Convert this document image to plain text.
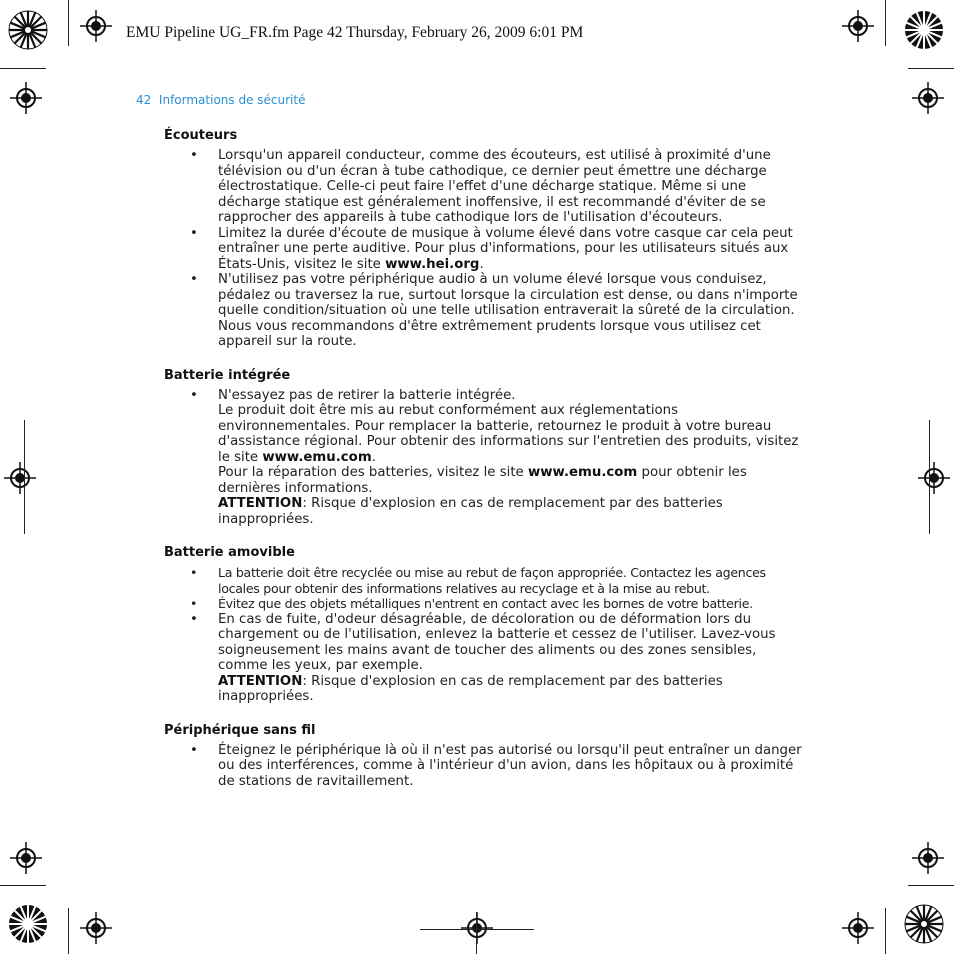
EMU Pipeline UG_FR.fm Page 42 Thursday, February 26, 2009 6:01 PM
42 Informations de sécurité
Écouteurs
• Lorsqu'un appareil conducteur, comme des écouteurs, est utilisé à proximité d'une télévision ou d'un écran à tube cathodique, ce dernier peut émettre une décharge électrostatique. Celle-ci peut faire l'effet d'une décharge statique. Même si une décharge statique est généralement inoffensive, il est recommandé d'éviter de se rapprocher des appareils à tube cathodique lors de l'utilisation d'écouteurs.
• Limitez la durée d'écoute de musique à volume élevé dans votre casque car cela peut entraîner une perte auditive. Pour plus d'informations, pour les utilisateurs situés aux États-Unis, visitez le site www.hei.org.
• N'utilisez pas votre périphérique audio à un volume élevé lorsque vous conduisez, pédalez ou traversez la rue, surtout lorsque la circulation est dense, ou dans n'importe quelle condition/situation où une telle utilisation entraverait la sûreté de la circulation. Nous vous recommandons d'être extrêmement prudents lorsque vous utilisez cet appareil sur la route.
Batterie intégrée
• N'essayez pas de retirer la batterie intégrée.
Le produit doit être mis au rebut conformément aux réglementations environnementales. Pour remplacer la batterie, retournez le produit à votre bureau d'assistance régional. Pour obtenir des informations sur l'entretien des produits, visitez le site www.emu.com.
Pour la réparation des batteries, visitez le site www.emu.com pour obtenir les dernières informations.
ATTENTION: Risque d'explosion en cas de remplacement par des batteries inappropriées.
Batterie amovible
• La batterie doit être recyclée ou mise au rebut de façon appropriée. Contactez les agences locales pour obtenir des informations relatives au recyclage et à la mise au rebut.
• Évitez que des objets métalliques n'entrent en contact avec les bornes de votre batterie.
• En cas de fuite, d'odeur désagréable, de décoloration ou de déformation lors du chargement ou de l'utilisation, enlevez la batterie et cessez de l'utiliser. Lavez-vous soigneusement les mains avant de toucher des aliments ou des zones sensibles, comme les yeux, par exemple.
ATTENTION: Risque d'explosion en cas de remplacement par des batteries inappropriées.
Périphérique sans fil
• Éteignez le périphérique là où il n'est pas autorisé ou lorsqu'il peut entraîner un danger ou des interférences, comme à l'intérieur d'un avion, dans les hôpitaux ou à proximité de stations de ravitaillement.
